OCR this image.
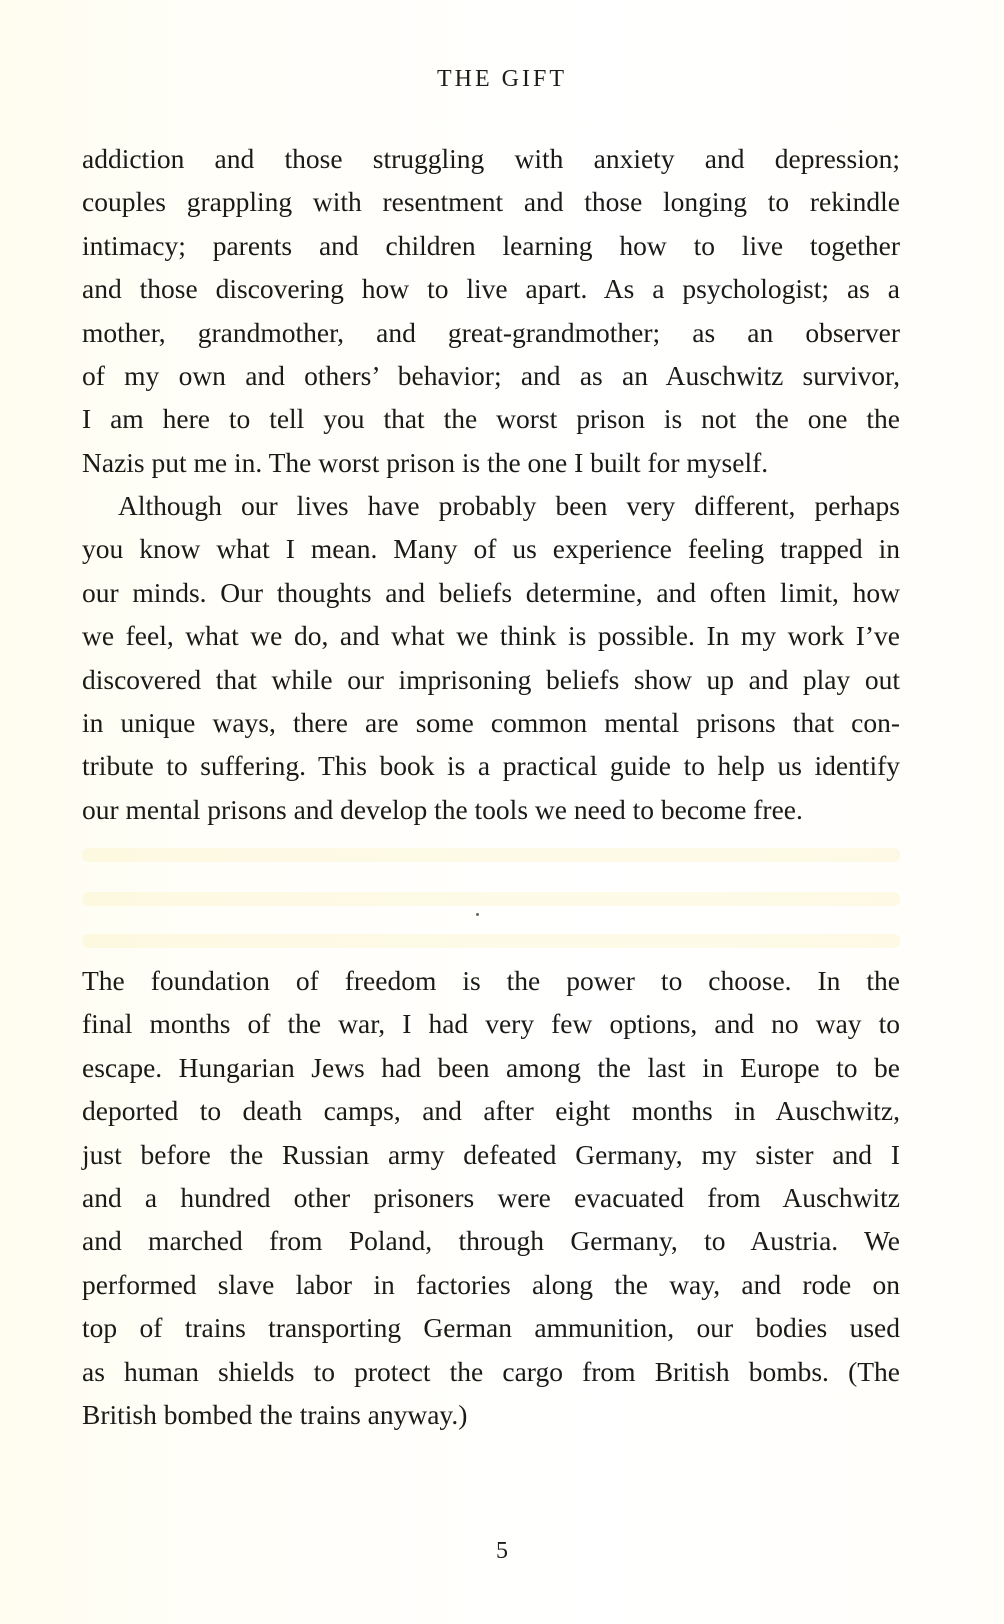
THE GIFT
addiction and those struggling with anxiety and depression;
couples grappling with resentment and those longing to rekindle
intimacy; parents and children learning how to live together
and those discovering how to live apart. As a psychologist; as a
mother, grandmother, and great-grandmother; as an observer
of my own and others’ behavior; and as an Auschwitz survivor,
I am here to tell you that the worst prison is not the one the
Nazis put me in. The worst prison is the one I built for myself.
Although our lives have probably been very different, perhaps
you know what I mean. Many of us experience feeling trapped in
our minds. Our thoughts and beliefs determine, and often limit, how
we feel, what we do, and what we think is possible. In my work I’ve
discovered that while our imprisoning beliefs show up and play out
in unique ways, there are some common mental prisons that con-
tribute to suffering. This book is a practical guide to help us identify
our mental prisons and develop the tools we need to become free.
The foundation of freedom is the power to choose. In the
final months of the war, I had very few options, and no way to
escape. Hungarian Jews had been among the last in Europe to be
deported to death camps, and after eight months in Auschwitz,
just before the Russian army defeated Germany, my sister and I
and a hundred other prisoners were evacuated from Auschwitz
and marched from Poland, through Germany, to Austria. We
performed slave labor in factories along the way, and rode on
top of trains transporting German ammunition, our bodies used
as human shields to protect the cargo from British bombs. (The
British bombed the trains anyway.)
5
